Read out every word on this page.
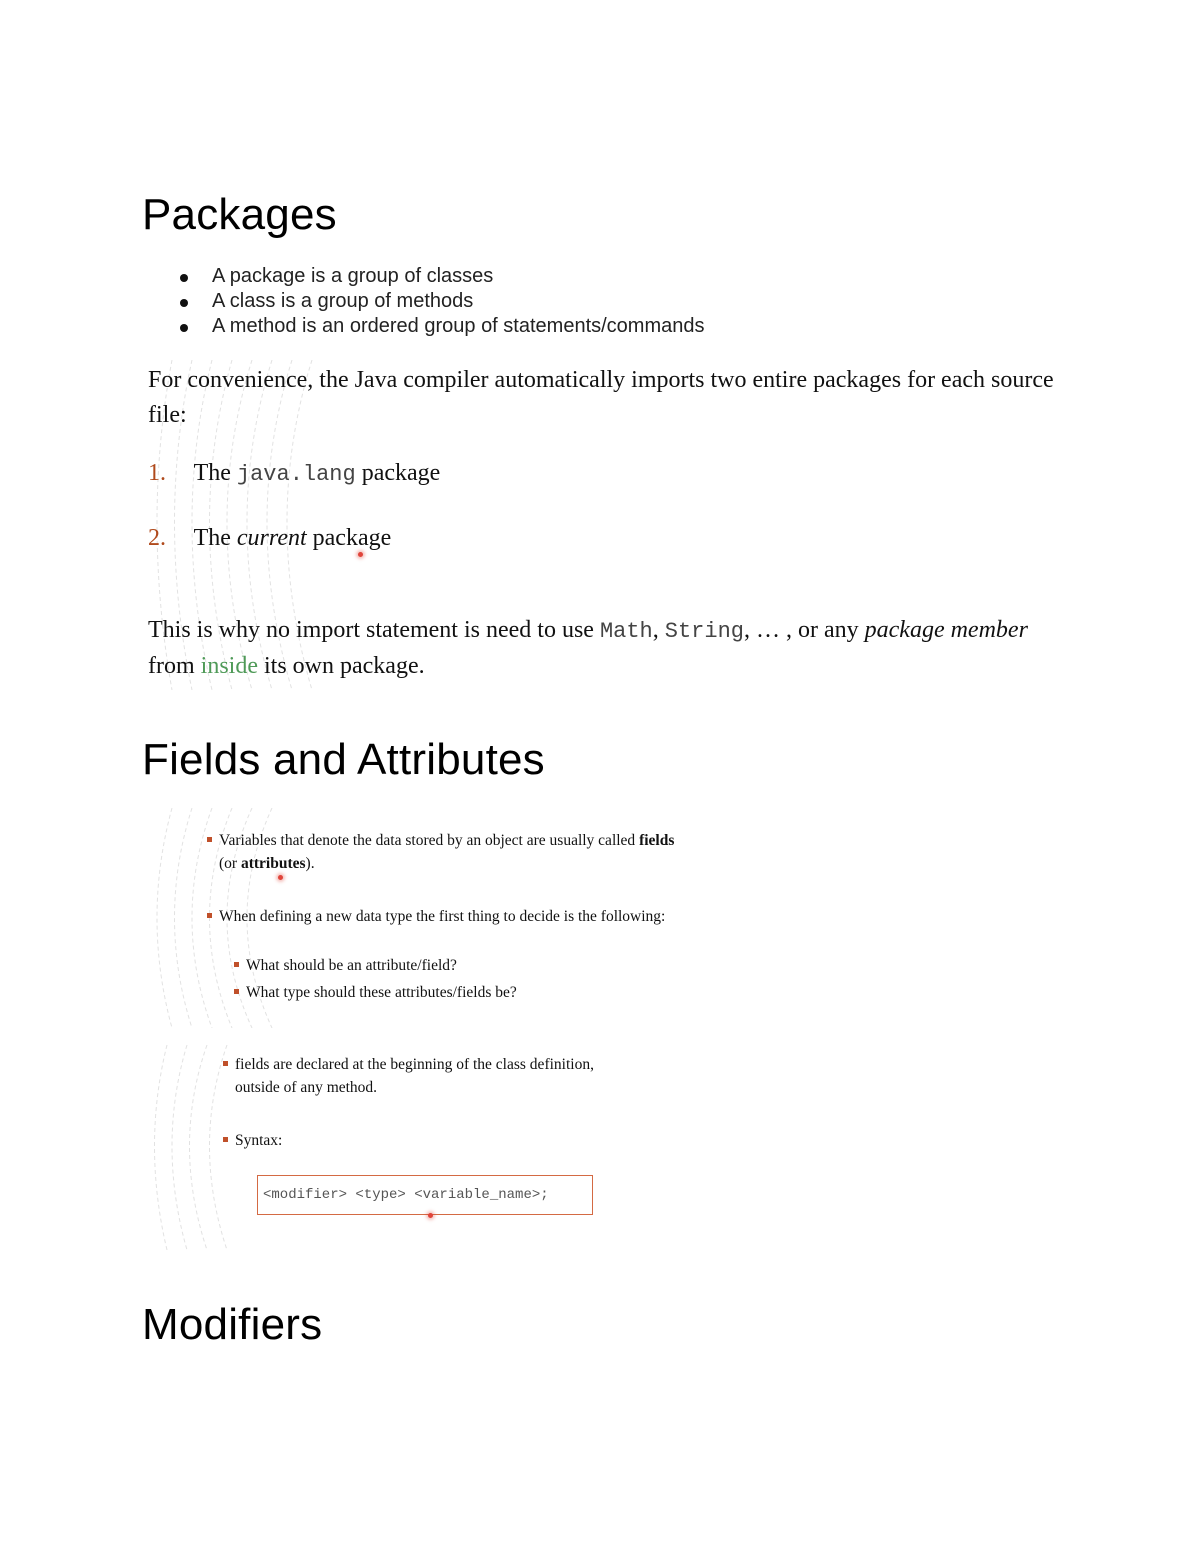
Packages
A package is a group of classes
A class is a group of methods
A method is an ordered group of statements/commands
For convenience, the Java compiler automatically imports two entire packages for each source file:
1. The java.lang package
2. The current package
This is why no import statement is need to use Math, String, … , or any package member from inside its own package.
Fields and Attributes
Variables that denote the data stored by an object are usually called fields (or attributes).
When defining a new data type the first thing to decide is the following:
What should be an attribute/field?
What type should these attributes/fields be?
fields are declared at the beginning of the class definition, outside of any method.
Syntax:
<modifier> <type> <variable_name>;
Modifiers
